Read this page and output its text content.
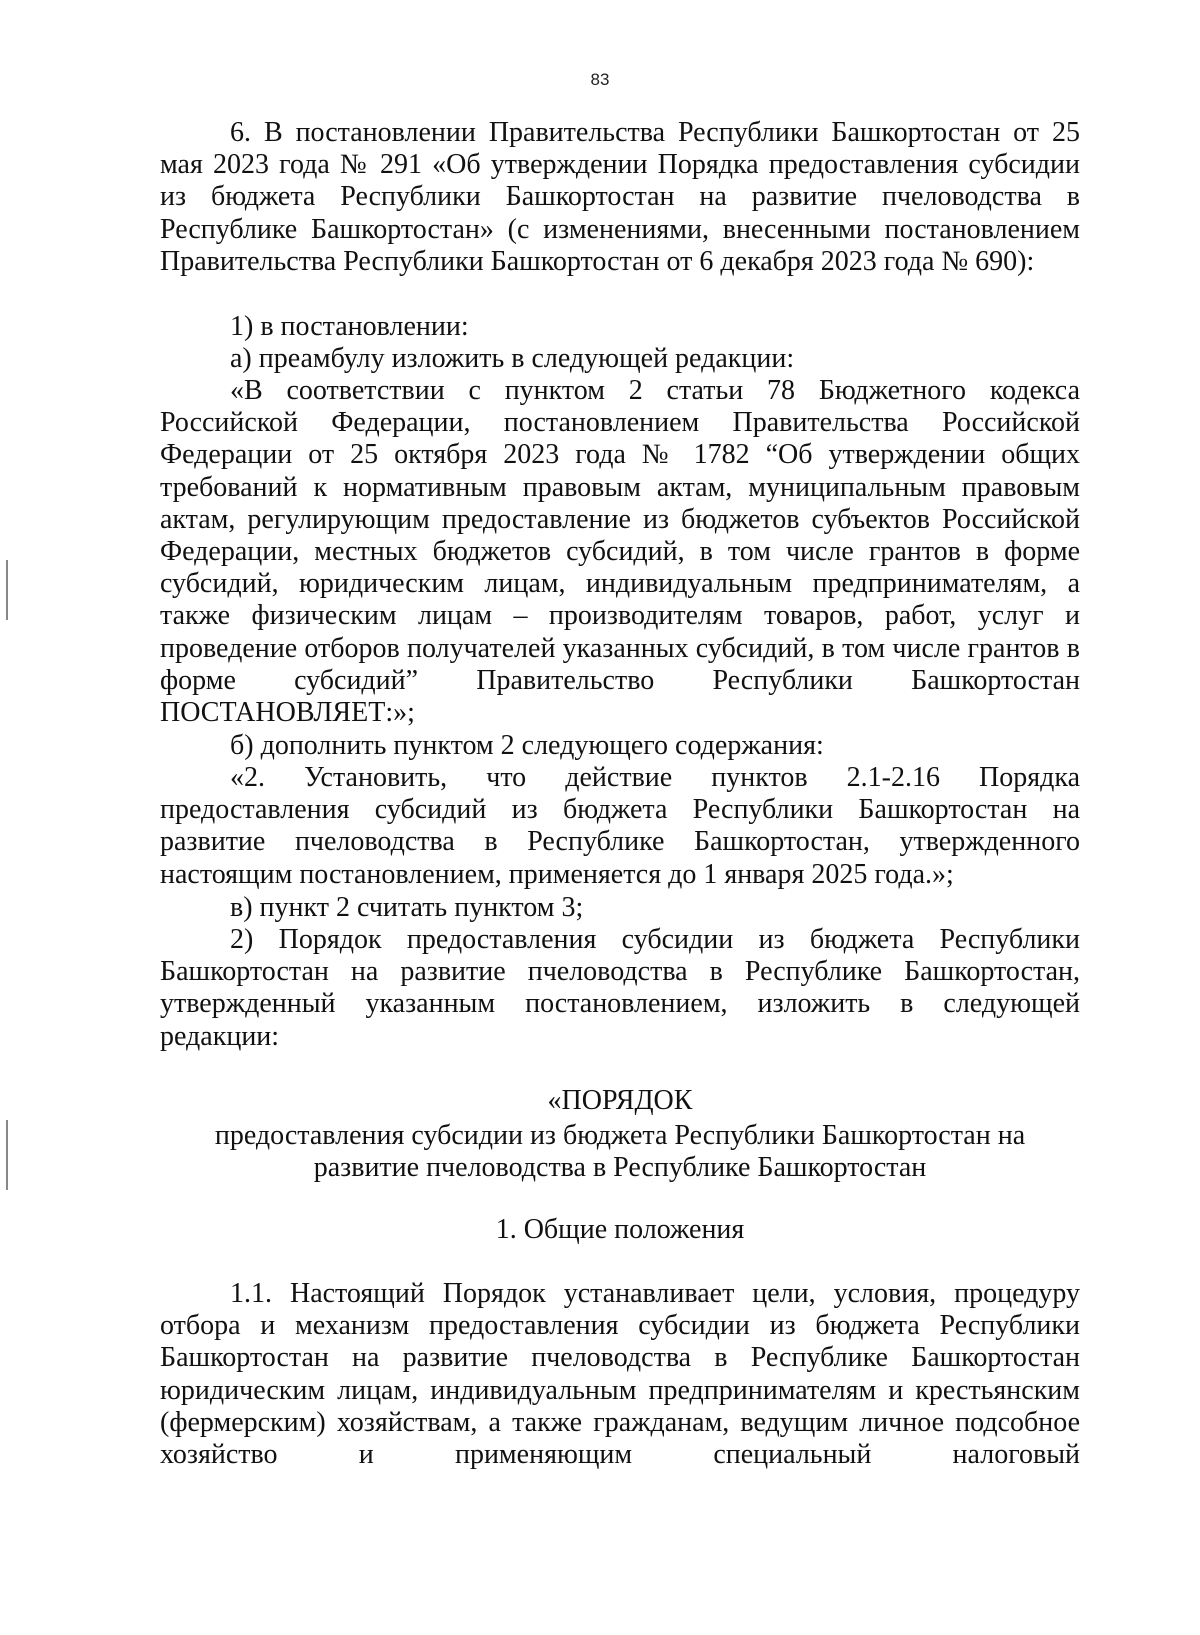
83
6. В постановлении Правительства Республики Башкортостан от 25 мая 2023 года № 291 «Об утверждении Порядка предоставления субсидии из бюджета Республики Башкортостан на развитие пчеловодства в Республике Башкортостан» (с изменениями, внесенными постановлением Правительства Республики Башкортостан от 6 декабря 2023 года № 690):
1) в постановлении:
а) преамбулу изложить в следующей редакции:
«В соответствии с пунктом 2 статьи 78 Бюджетного кодекса Российской Федерации, постановлением Правительства Российской Федерации от 25 октября 2023 года № 1782 “Об утверждении общих требований к нормативным правовым актам, муниципальным правовым актам, регулирующим предоставление из бюджетов субъектов Российской Федерации, местных бюджетов субсидий, в том числе грантов в форме субсидий, юридическим лицам, индивидуальным предпринимателям, а также физическим лицам – производителям товаров, работ, услуг и проведение отборов получателей указанных субсидий, в том числе грантов в форме субсидий” Правительство Республики Башкортостан ПОСТАНОВЛЯЕТ:»;
б) дополнить пунктом 2 следующего содержания:
«2. Установить, что действие пунктов 2.1-2.16 Порядка предоставления субсидий из бюджета Республики Башкортостан на развитие пчеловодства в Республике Башкортостан, утвержденного настоящим постановлением, применяется до 1 января 2025 года.»;
в) пункт 2 считать пунктом 3;
2) Порядок предоставления субсидии из бюджета Республики Башкортостан на развитие пчеловодства в Республике Башкортостан, утвержденный указанным постановлением, изложить в следующей редакции:
«ПОРЯДОК
предоставления субсидии из бюджета Республики Башкортостан на
развитие пчеловодства в Республике Башкортостан
1. Общие положения
1.1. Настоящий Порядок устанавливает цели, условия, процедуру отбора и механизм предоставления субсидии из бюджета Республики Башкортостан на развитие пчеловодства в Республике Башкортостан юридическим лицам, индивидуальным предпринимателям и крестьянским (фермерским) хозяйствам, а также гражданам, ведущим личное подсобное хозяйство и применяющим специальный налоговый
